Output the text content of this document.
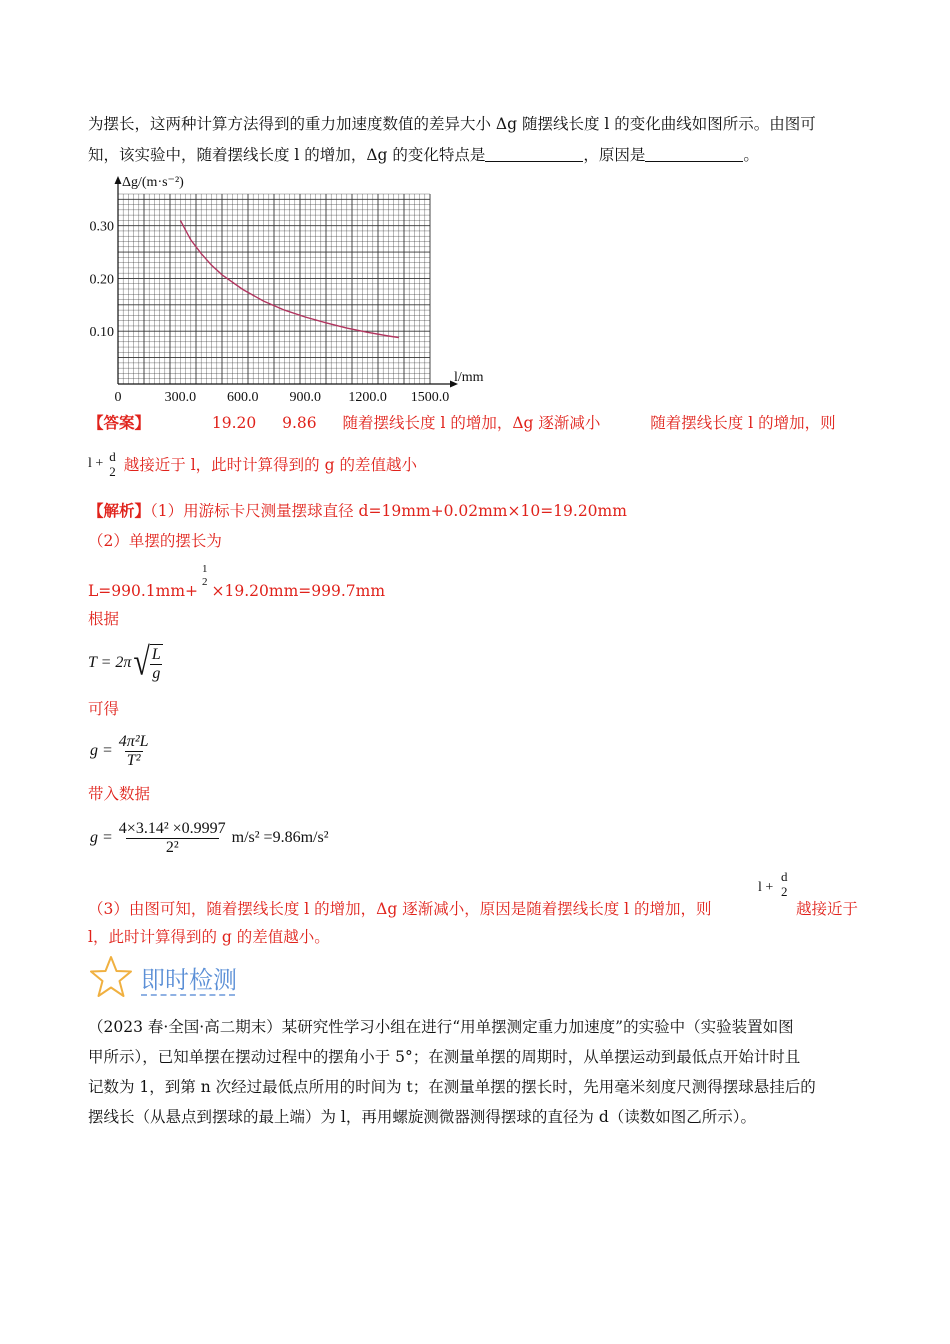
为摆长，这两种计算方法得到的重力加速度数值的差异大小 Δg 随摆线长度 l 的变化曲线如图所示。由图可
知，该实验中，随着摆线长度 l 的增加，Δg 的变化特点是	，原因是	。
0	300.0 600.0 900.0 1200.0 1500.0
0.10
0.20
0.30
Δg/(m·s⁻²)
l/mm
【答案】	19.20 9.86 随着摆线长度 l 的增加，Δg 逐渐减小	随着摆线长度 l 的增加，则
l + d
2 越接近于 l，此时计算得到的 g 的差值越小
【解析】（1）用游标卡尺测量摆球直径 d=19mm+0.02mm×10=19.20mm
（2）单摆的摆长为
L=990.1mm+
1
2 ×19.20mm=999.7mm
根据
T = 2π √ $\frac{L}{g}$
可得
$g = \frac{\text{4π²L}}{\text{T²}}$
带入数据
$g = \frac{\text{4×3.14² ×0.9997}}{\text{2²}} m/s^2 =9.86m/s^2$
（3）由图可知，随着摆线长度 l 的增加，Δg 逐渐减小，原因是随着摆线长度 l 的增加，则
l +
d
2
越接近于
l，此时计算得到的 g 的差值越小。
即时检测
（2023 春·全国·高二期末）某研究性学习小组在进行“用单摆测定重力加速度”的实验中（实验装置如图
甲所示），已知单摆在摆动过程中的摆角小于 5°；在测量单摆的周期时，从单摆运动到最低点开始计时且
记数为 1，到第 n 次经过最低点所用的时间为 t；在测量单摆的摆长时，先用毫米刻度尺测得摆球悬挂后的
摆线长（从悬点到摆球的最上端）为 l，再用螺旋测微器测得摆球的直径为 d（读数如图乙所示）。
